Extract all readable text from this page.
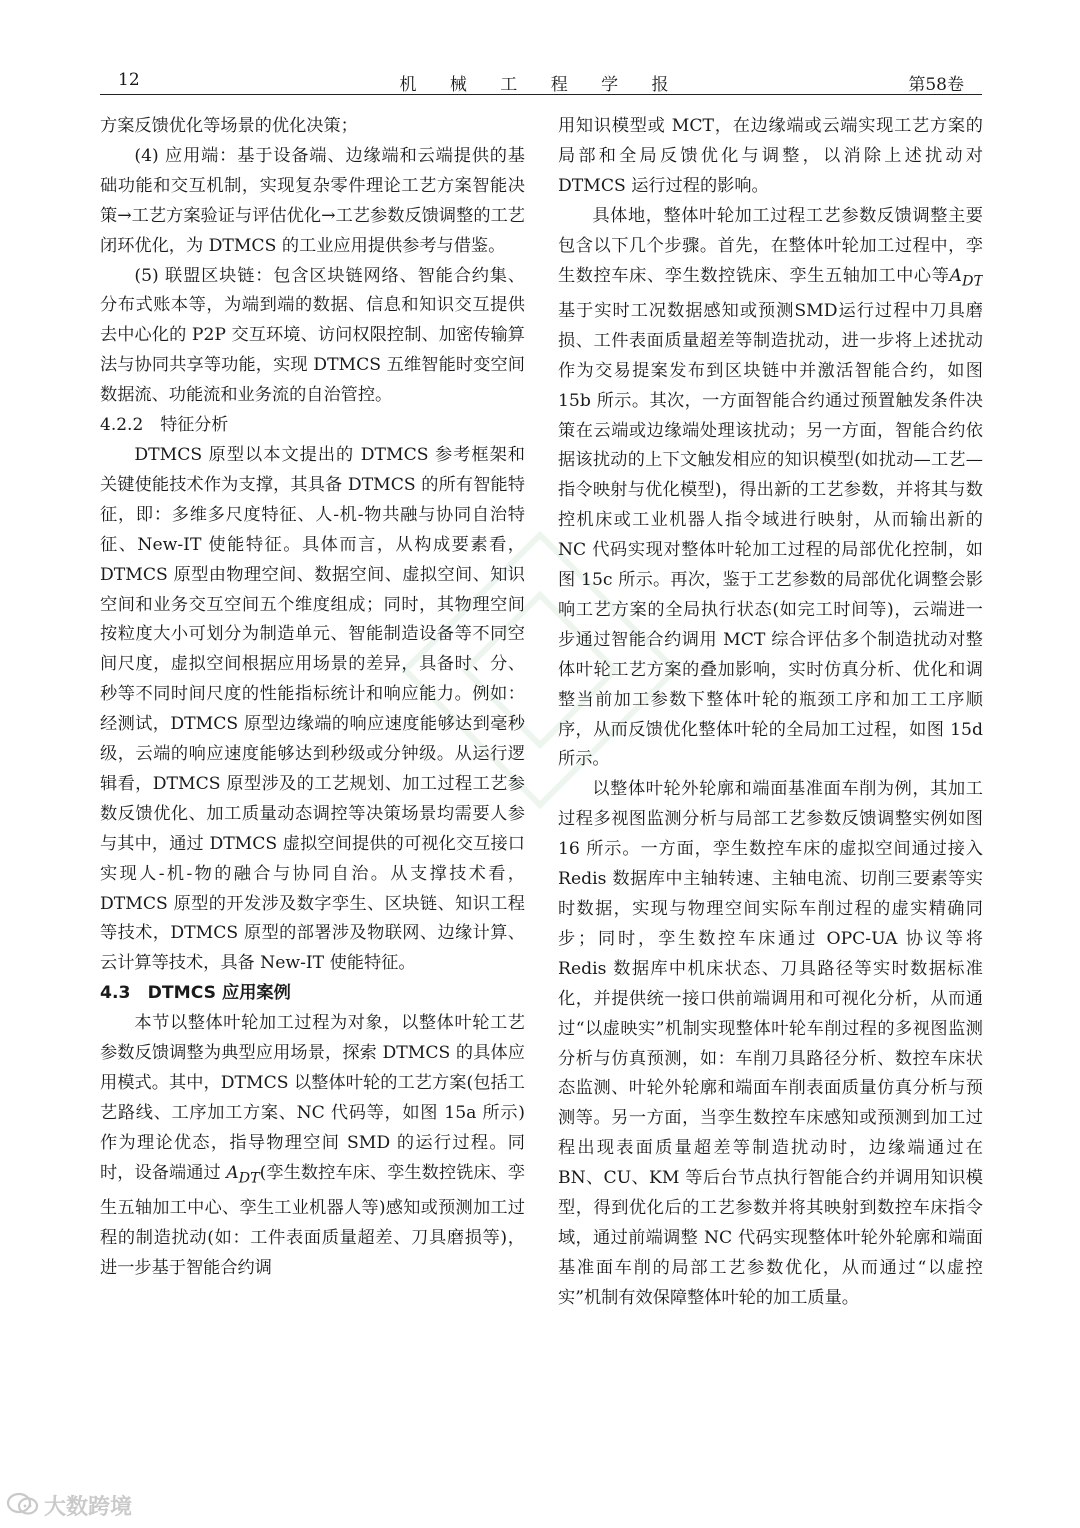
12	机 械 工 程 学 报	第58卷

方案反馈优化等场景的优化决策；

(4) 应用端：基于设备端、边缘端和云端提供的基础功能和交互机制，实现复杂零件理论工艺方案智能决策→工艺方案验证与评估优化→工艺参数反馈调整的工艺闭环优化，为 DTMCS 的工业应用提供参考与借鉴。

(5) 联盟区块链：包含区块链网络、智能合约集、分布式账本等，为端到端的数据、信息和知识交互提供去中心化的 P2P 交互环境、访问权限控制、加密传输算法与协同共享等功能，实现 DTMCS 五维智能时变空间数据流、功能流和业务流的自治管控。

4.2.2　特征分析

DTMCS 原型以本文提出的 DTMCS 参考框架和关键使能技术作为支撑，其具备 DTMCS 的所有智能特征，即：多维多尺度特征、人-机-物共融与协同自治特征、New-IT 使能特征。具体而言，从构成要素看，DTMCS 原型由物理空间、数据空间、虚拟空间、知识空间和业务交互空间五个维度组成；同时，其物理空间按粒度大小可划分为制造单元、智能制造设备等不同空间尺度，虚拟空间根据应用场景的差异，具备时、分、秒等不同时间尺度的性能指标统计和响应能力。例如：经测试，DTMCS 原型边缘端的响应速度能够达到毫秒级，云端的响应速度能够达到秒级或分钟级。从运行逻辑看，DTMCS 原型涉及的工艺规划、加工过程工艺参数反馈优化、加工质量动态调控等决策场景均需要人参与其中，通过 DTMCS 虚拟空间提供的可视化交互接口实现人-机-物的融合与协同自治。从支撑技术看，DTMCS 原型的开发涉及数字孪生、区块链、知识工程等技术，DTMCS 原型的部署涉及物联网、边缘计算、云计算等技术，具备 New-IT 使能特征。

4.3　DTMCS 应用案例

本节以整体叶轮加工过程为对象，以整体叶轮工艺参数反馈调整为典型应用场景，探索 DTMCS 的具体应用模式。其中，DTMCS 以整体叶轮的工艺方案(包括工艺路线、工序加工方案、NC 代码等，如图 15a 所示)作为理论优态，指导物理空间 SMD 的运行过程。同时，设备端通过 $A_{DT}$(孪生数控车床、孪生数控铣床、孪生五轴加工中心、孪生工业机器人等)感知或预测加工过程的制造扰动(如：工件表面质量超差、刀具磨损等)，进一步基于智能合约调

用知识模型或 MCT，在边缘端或云端实现工艺方案的局部和全局反馈优化与调整，以消除上述扰动对 DTMCS 运行过程的影响。

具体地，整体叶轮加工过程工艺参数反馈调整主要包含以下几个步骤。首先，在整体叶轮加工过程中，孪生数控车床、孪生数控铣床、孪生五轴加工中心等$A_{DT}$基于实时工况数据感知或预测SMD运行过程中刀具磨损、工件表面质量超差等制造扰动，进一步将上述扰动作为交易提案发布到区块链中并激活智能合约，如图 15b 所示。其次，一方面智能合约通过预置触发条件决策在云端或边缘端处理该扰动；另一方面，智能合约依据该扰动的上下文触发相应的知识模型(如扰动—工艺—指令映射与优化模型)，得出新的工艺参数，并将其与数控机床或工业机器人指令域进行映射，从而输出新的 NC 代码实现对整体叶轮加工过程的局部优化控制，如图 15c 所示。再次，鉴于工艺参数的局部优化调整会影响工艺方案的全局执行状态(如完工时间等)，云端进一步通过智能合约调用 MCT 综合评估多个制造扰动对整体叶轮工艺方案的叠加影响，实时仿真分析、优化和调整当前加工参数下整体叶轮的瓶颈工序和加工工序顺序，从而反馈优化整体叶轮的全局加工过程，如图 15d 所示。

以整体叶轮外轮廓和端面基准面车削为例，其加工过程多视图监测分析与局部工艺参数反馈调整实例如图 16 所示。一方面，孪生数控车床的虚拟空间通过接入 Redis 数据库中主轴转速、主轴电流、切削三要素等实时数据，实现与物理空间实际车削过程的虚实精确同步；同时，孪生数控车床通过 OPC-UA 协议等将 Redis 数据库中机床状态、刀具路径等实时数据标准化，并提供统一接口供前端调用和可视化分析，从而通过“以虚映实”机制实现整体叶轮车削过程的多视图监测分析与仿真预测，如：车削刀具路径分析、数控车床状态监测、叶轮外轮廓和端面车削表面质量仿真分析与预测等。另一方面，当孪生数控车床感知或预测到加工过程出现表面质量超差等制造扰动时，边缘端通过在 BN、CU、KM 等后台节点执行智能合约并调用知识模型，得到优化后的工艺参数并将其映射到数控车床指令域，通过前端调整 NC 代码实现整体叶轮外轮廓和端面基准面车削的局部工艺参数优化，从而通过“以虚控实”机制有效保障整体叶轮的加工质量。

大数跨境
